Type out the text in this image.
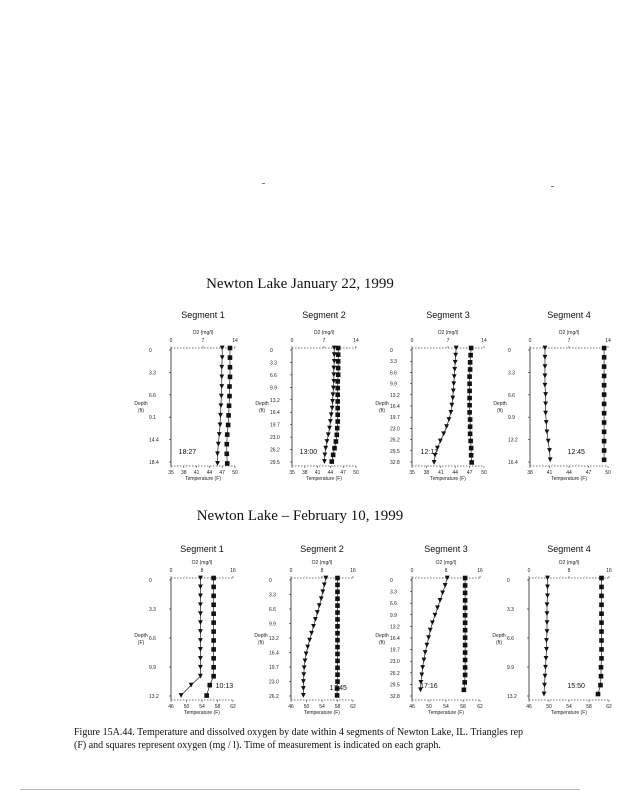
Newton Lake January 22, 1999
Newton Lake – February 10, 1999
Segment 1
O2 (mg/l)
0	7	14
0
3.3
6.6
9.1
14.4
18.4
Depth
(ft)
35 38 41 44 47 50
Temperature (F)
18:27
Segment 2
O2 (mg/l)
0	7	14
0
3.3
6.6
9.9
13.2
16.4
19.7
23.0
26.2
29.5
Depth
(ft)
35 38 41 44 47 50
Temperature (F)
13:00
Segment 3
O2 (mg/l)
0	7	14
0
3.3
6.6
9.9
13.2
16.4
19.7
23.0
26.2
29.5
32.8
Depth
(ft)
35 38 41 44 47 50
Temperature (F)
12:12
Segment 4
O2 (mg/l)
0	7	14
0
3.3
6.6
9.9
13.2
16.4
Depth
(ft)
38	41	44	47	50
Temperature (F)
12:45
Segment 1
O2 (mg/l)
0	8	16
0
3.3
6.6
9.9
13.2
Depth
(F)
46 50 54 58 62
Temperature (F)
10:13
Segment 2
O2 (mg/l)
0	8	16
0
3.3
6.6
9.9
13.2
16.4
19.7
23.0
26.2
Depth
(ft)
46 50 54 58 62
Temperature (F)
17:45
Segment 3
O2 (mg/l)
0	8	16
0
3.3
6.6
9.9
13.2
16.4
19.7
23.0
26.2
29.5
32.8
Depth
(ft)
46 50 54 58 62
Temperature (F)
17:16
Segment 4
O2 (mg/l)
0	8	16
0
3.3
6.6
9.9
13.2
Depth
(ft)
46	50	54	58	62
Temperature (F)
15:50
Figure 15A.44. Temperature and dissolved oxygen by date within 4 segments of Newton Lake, IL. Triangles rep
(F) and squares represent oxygen (mg / l). Time of measurement is indicated on each graph.
